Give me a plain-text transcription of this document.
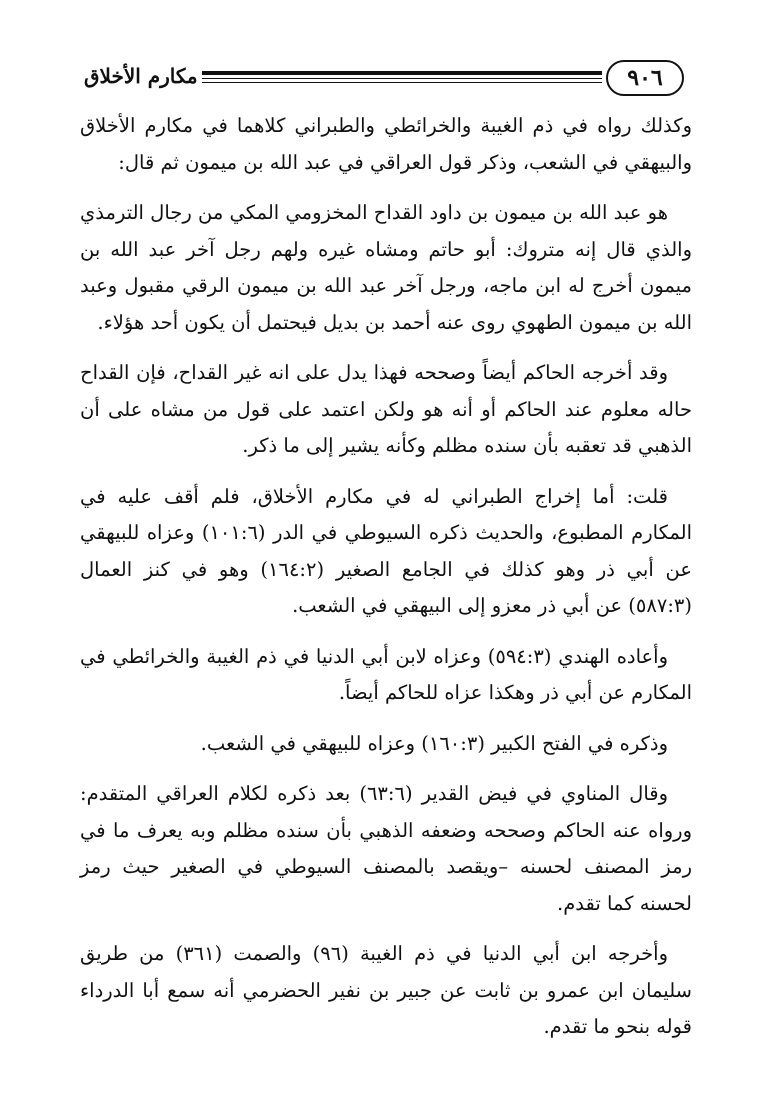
٩٠٦
مكارم الأخلاق

وكذلك رواه في ذم الغيبة والخرائطي والطبراني كلاهما في مكارم الأخلاق والبيهقي في الشعب، وذكر قول العراقي في عبد الله بن ميمون ثم قال:

هو عبد الله بن ميمون بن داود القداح المخزومي المكي من رجال الترمذي والذي قال إنه متروك: أبو حاتم ومشاه غيره ولهم رجل آخر عبد الله بن ميمون أخرج له ابن ماجه، ورجل آخر عبد الله بن ميمون الرقي مقبول وعبد الله بن ميمون الطهوي روى عنه أحمد بن بديل فيحتمل أن يكون أحد هؤلاء.

وقد أخرجه الحاكم أيضاً وصححه فهذا يدل على انه غير القداح، فإن القداح حاله معلوم عند الحاكم أو أنه هو ولكن اعتمد على قول من مشاه على أن الذهبي قد تعقبه بأن سنده مظلم وكأنه يشير إلى ما ذكر.

قلت: أما إخراج الطبراني له في مكارم الأخلاق، فلم أقف عليه في المكارم المطبوع، والحديث ذكره السيوطي في الدر (١٠١:٦) وعزاه للبيهقي عن أبي ذر وهو كذلك في الجامع الصغير (١٦٤:٢) وهو في كنز العمال (٥٨٧:٣) عن أبي ذر معزو إلى البيهقي في الشعب.

وأعاده الهندي (٥٩٤:٣) وعزاه لابن أبي الدنيا في ذم الغيبة والخرائطي في المكارم عن أبي ذر وهكذا عزاه للحاكم أيضاً.

وذكره في الفتح الكبير (١٦٠:٣) وعزاه للبيهقي في الشعب.

وقال المناوي في فيض القدير (٦٣:٦) بعد ذكره لكلام العراقي المتقدم: ورواه عنه الحاكم وصححه وضعفه الذهبي بأن سنده مظلم وبه يعرف ما في رمز المصنف لحسنه –ويقصد بالمصنف السيوطي في الصغير حيث رمز لحسنه كما تقدم.

وأخرجه ابن أبي الدنيا في ذم الغيبة (٩٦) والصمت (٣٦١) من طريق سليمان ابن عمرو بن ثابت عن جبير بن نفير الحضرمي أنه سمع أبا الدرداء قوله بنحو ما تقدم.
